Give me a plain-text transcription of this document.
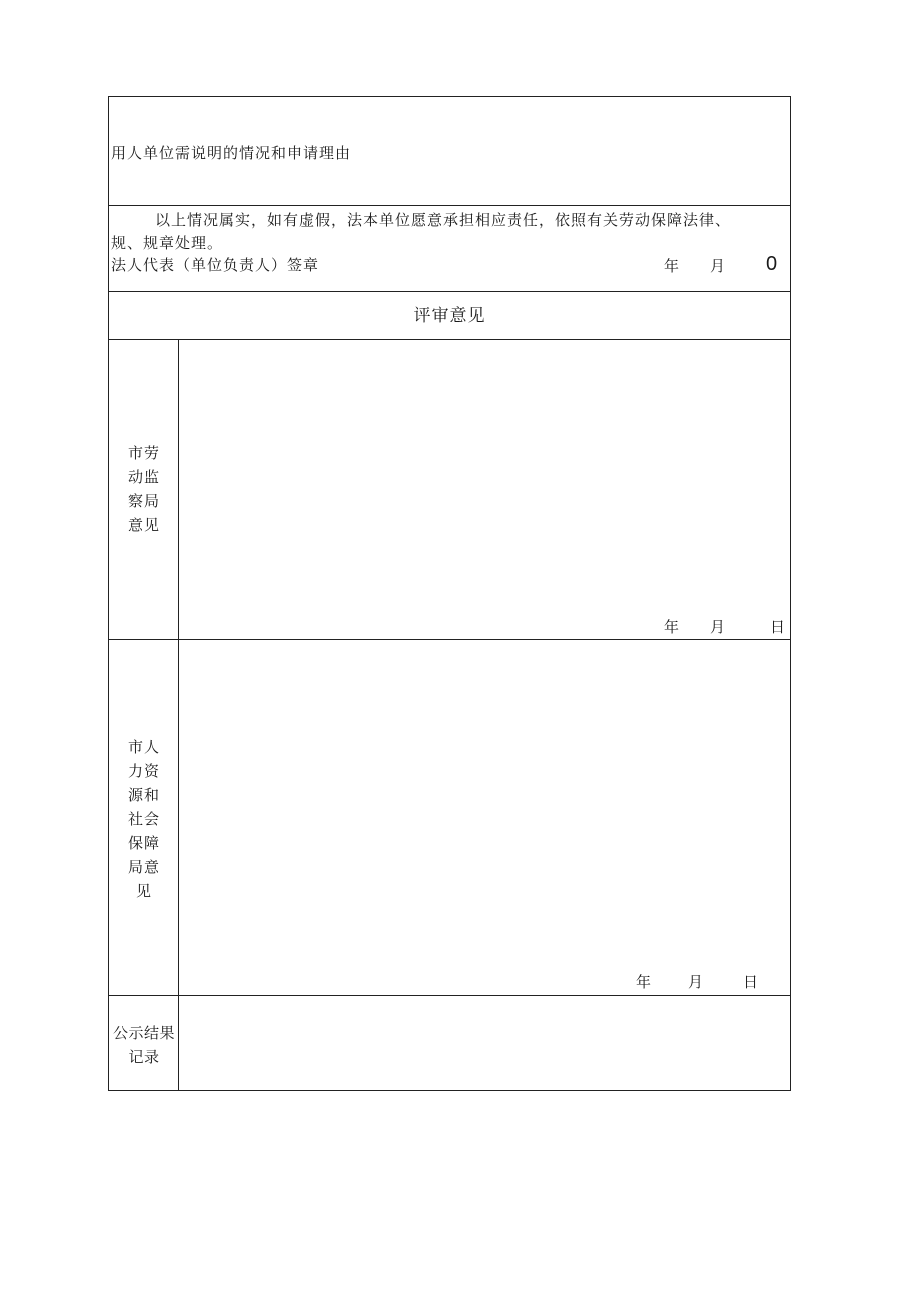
用人单位需说明的情况和申请理由
以上情况属实，如有虚假，法本单位愿意承担相应责任，依照有关劳动保障法律、
规、规章处理。
法人代表（单位负责人）签章	年 月 0
评审意见
市劳
动监
察局
意见
年 月	日
市人
力资
源和
社会
保障
局意
见
年 月	日
公示结果
记录
